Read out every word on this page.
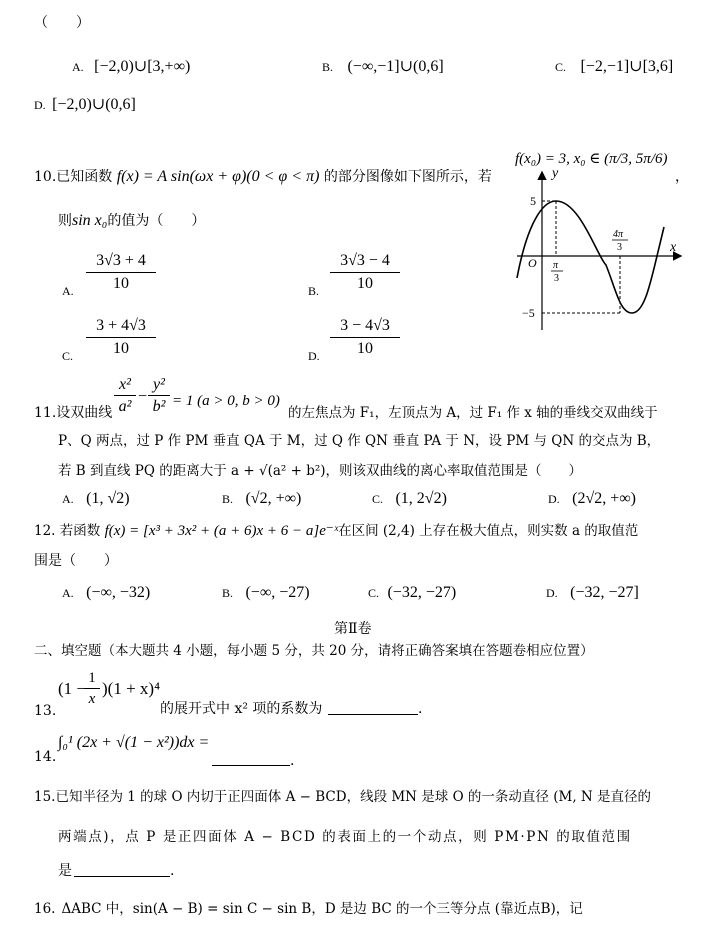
（　　）
A. [−2,0)∪[3,+∞)	B. (−∞,−1]∪(0,6]	C. [−2,−1]∪[3,6]
D. [−2,0)∪(0,6]
10.已知函数 f(x) = A sin(ωx + φ)(0 < φ < π) 的部分图像如下图所示，若
f(x₀) = 3, x₀ ∈ (π/3, 5π/6)
，
则sin x₀的值为（　　）
A. $\frac{3√3 + 4}{10}$	B. $\frac{3√3 - 4}{10}$
C. $\frac{3 + 4√3}{10}$	D. $\frac{3 - 4√3}{10}$
y
x
O
5
−5
π
3
4π
3
11.设双曲线 $\frac{\text{x²}}{\text{a²}} - \frac{\text{y²}}{\text{b²}} = 1$ (a > 0, b > 0)
的左焦点为 F₁，左顶点为 A，过 F₁ 作 x 轴的垂线交双曲线于
P、Q 两点，过 P 作 PM 垂直 QA 于 M，过 Q 作 QN 垂直 PA 于 N，设 PM 与 QN 的交点为 B，
若 B 到直线 PQ 的距离大于 a + √(a² + b²)，则该双曲线的离心率取值范围是（　　）
A. (1, √2)	B. (√2, +∞)	C. (1, 2√2)	D. (2√2, +∞)
12. 若函数 f(x) = [x³ + 3x² + (a + 6)x + 6 − a]e⁻ˣ在区间 (2,4) 上存在极大值点，则实数 a 的取值范
围是（　　）
A. (−∞, −32)	B. (−∞, −27)	C. (−32, −27)	D. (−32, −27]
第Ⅱ卷
二、填空题（本大题共 4 小题，每小题 5 分，共 20 分，请将正确答案填在答题卷相应位置）
13.
(1 −
$\frac{1}{x} )(1 + x)^4$
的展开式中 x² 项的系数为	.
14.
∫₀¹ (2x + √(1 − x²))dx =
.
15.已知半径为 1 的球 O 内切于正四面体 A − BCD，线段 MN 是球 O 的一条动直径 (M, N 是直径的
两端点)，点 P 是正四面体 A − BCD 的表面上的一个动点，则 PM·PN 的取值范围
是	.
16. ΔABC 中，sin(A − B) = sin C − sin B，D 是边 BC 的一个三等分点 (靠近点B)，记
